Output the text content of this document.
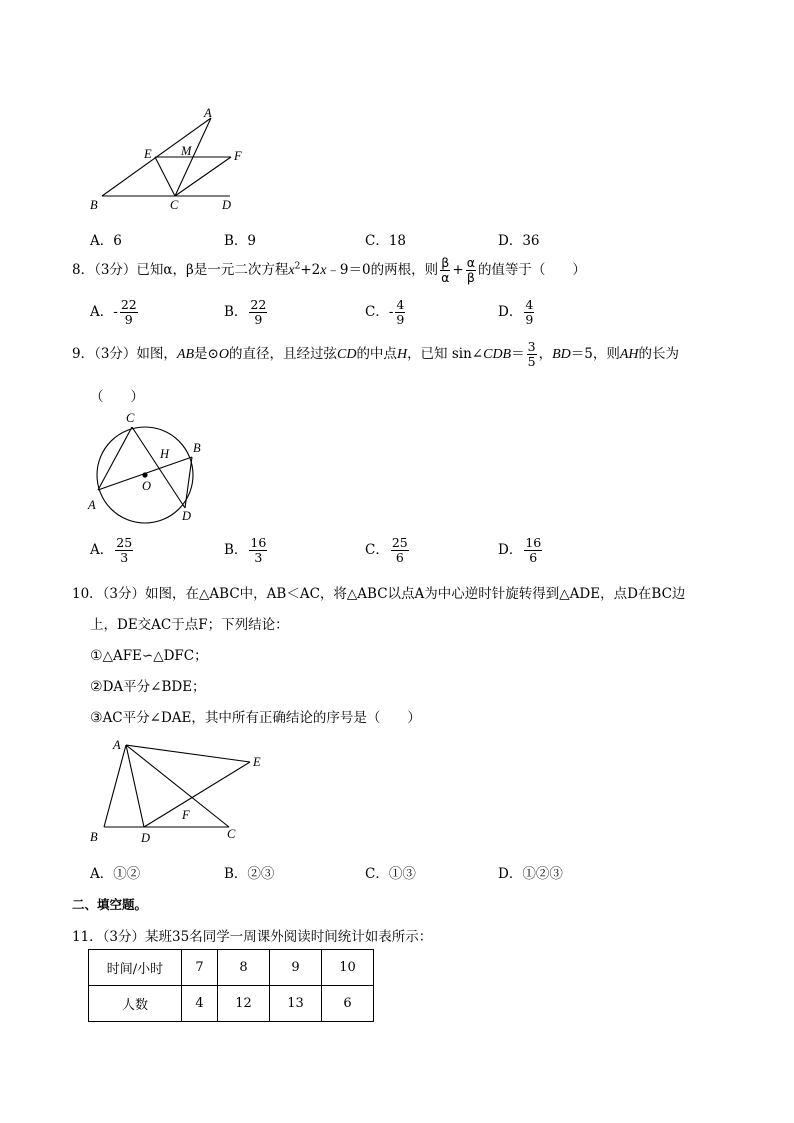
A
E M	F
B	C	D
A．6	B．9	C．18	D．36
8．（3分）已知α，β是一元二次方程$x^2+2x﹣9=0$的两根，则 $\frac{\beta}{\alpha} + \frac{\alpha}{\beta}$ 的值等于（　　）
A．- $\frac{22}{9}$	B． $\frac{22}{9}$	C．- $\frac{4}{9}$	D． $\frac{4}{9}$
9．（3分）如图，AB是⊙O的直径，且经过弦CD的中点H，已知 sin∠CDB＝ $\frac{3}{5}$ ，BD＝5，则AH的长为
（　　）
C
B
H
O
A
D
A． $\frac{25}{3}$	B． $\frac{16}{3}$	C． $\frac{25}{6}$	D． $\frac{16}{6}$
10．（3分）如图，在△ABC中，AB＜AC，将△ABC以点A为中心逆时针旋转得到△ADE，点D在BC边
上，DE交AC于点F；下列结论：
①△AFE∽△DFC；
②DA平分∠BDE；
③AC平分∠DAE，其中所有正确结论的序号是（　　）
A
E
F
B	D	C
A．①②	B．②③	C．①③	D．①②③
二、填空题。
11．（3分）某班35名同学一周课外阅读时间统计如表所示：
时间/小时	7	8	9	10
人数	4	12	13	6
